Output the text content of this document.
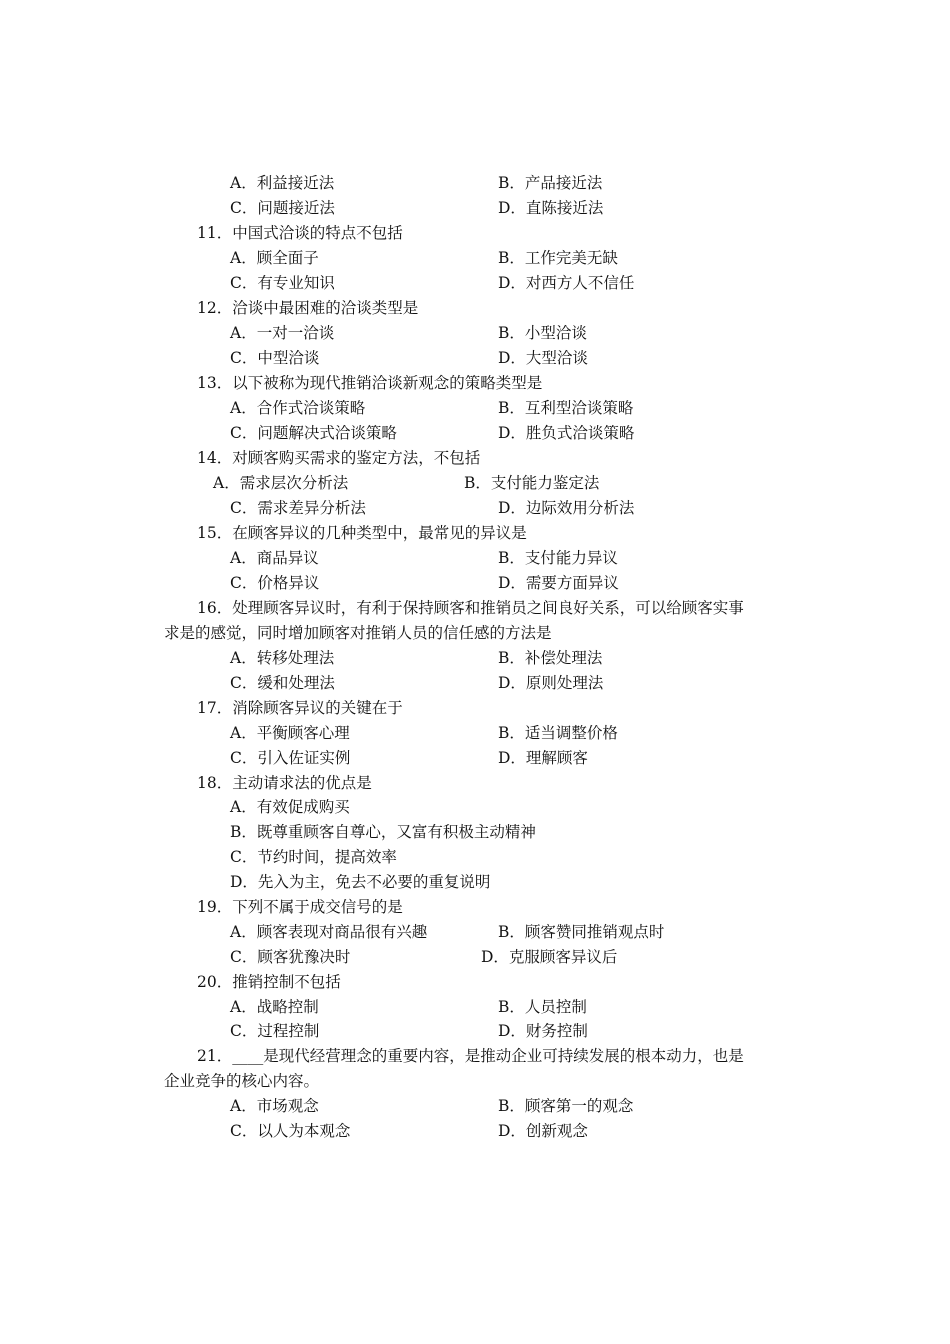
A．利益接近法	B．产品接近法
C．问题接近法	D．直陈接近法
11．中国式洽谈的特点不包括
A．顾全面子	B．工作完美无缺
C．有专业知识	D．对西方人不信任
12．洽谈中最困难的洽谈类型是
A．一对一洽谈	B．小型洽谈
C．中型洽谈	D．大型洽谈
13．以下被称为现代推销洽谈新观念的策略类型是
A．合作式洽谈策略	B．互利型洽谈策略
C．问题解决式洽谈策略	D．胜负式洽谈策略
14．对顾客购买需求的鉴定方法，不包括
A．需求层次分析法	B．支付能力鉴定法
C．需求差异分析法	D．边际效用分析法
15．在顾客异议的几种类型中，最常见的异议是
A．商品异议	B．支付能力异议
C．价格异议	D．需要方面异议
16．处理顾客异议时，有利于保持顾客和推销员之间良好关系，可以给顾客实事
求是的感觉，同时增加顾客对推销人员的信任感的方法是
A．转移处理法	B．补偿处理法
C．缓和处理法	D．原则处理法
17．消除顾客异议的关键在于
A．平衡顾客心理	B．适当调整价格
C．引入佐证实例	D．理解顾客
18．主动请求法的优点是
A．有效促成购买
B．既尊重顾客自尊心，又富有积极主动精神
C．节约时间，提高效率
D．先入为主，免去不必要的重复说明
19．下列不属于成交信号的是
A．顾客表现对商品很有兴趣	B．顾客赞同推销观点时
C．顾客犹豫决时	D．克服顾客异议后
20．推销控制不包括
A．战略控制	B．人员控制
C．过程控制	D．财务控制
21．____是现代经营理念的重要内容，是推动企业可持续发展的根本动力，也是
企业竞争的核心内容。
A．市场观念	B．顾客第一的观念
C．以人为本观念	D．创新观念
